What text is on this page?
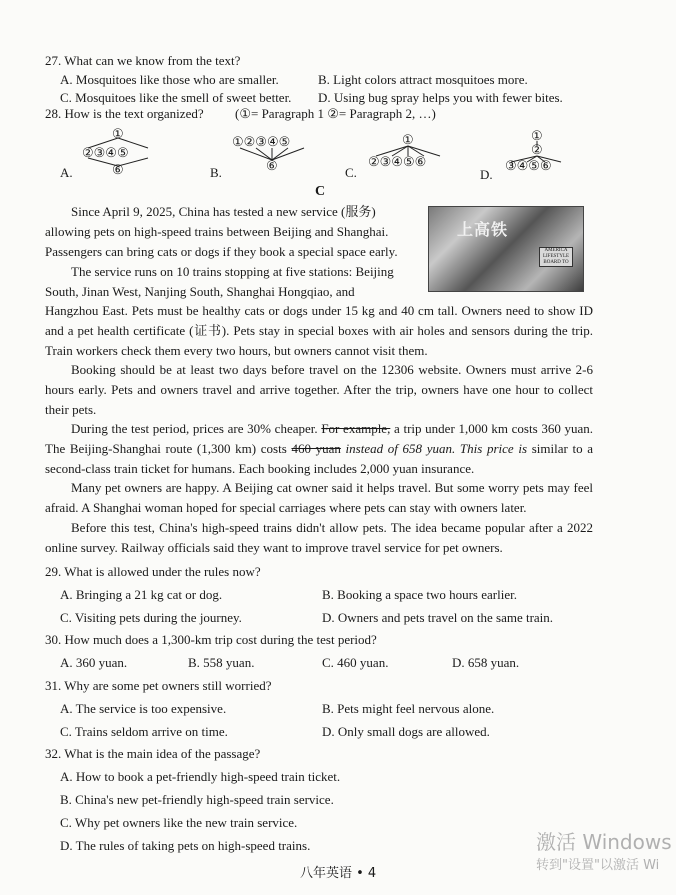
27. What can we know from the text?
A. Mosquitoes like those who are smaller.	B. Light colors attract mosquitoes more.
C. Mosquitoes like the smell of sweet better. D. Using bug spray helps you with fewer bites.
28. How is the text organized? (①= Paragraph 1 ②= Paragraph 2, …)
①
②③④⑤
⑥
A.
①②③④⑤
⑥
B.
①
②③④⑤⑥
C.
①
②
③④⑤⑥
D.
C
Since April 9, 2025, China has tested a new service (服务)
allowing pets on high-speed trains between Beijing and Shanghai.
Passengers can bring cats or dogs if they book a special space early.
The service runs on 10 trains stopping at five stations: Beijing
South, Jinan West, Nanjing South, Shanghai Hongqiao, and
上高铁
AMERICA LIFESTYLE BOARD TO
Hangzhou East. Pets must be healthy cats or dogs under 15 kg and 40 cm tall. Owners need to show ID and a pet health certificate (证书). Pets stay in special boxes with air holes and sensors during the trip. Train workers check them every two hours, but owners cannot visit them.
Booking should be at least two days before travel on the 12306 website. Owners must arrive 2-6 hours early. Pets and owners travel and arrive together. After the trip, owners have one hour to collect their pets.
During the test period, prices are 30% cheaper. For example, a trip under 1,000 km costs 360 yuan. The Beijing-Shanghai route (1,300 km) costs 460 yuan instead of 658 yuan. This price is similar to a second-class train ticket for humans. Each booking includes 2,000 yuan insurance.
Many pet owners are happy. A Beijing cat owner said it helps travel. But some worry pets may feel afraid. A Shanghai woman hoped for special carriages where pets can stay with owners later.
Before this test, China's high-speed trains didn't allow pets. The idea became popular after a 2022 online survey. Railway officials said they want to improve travel service for pet owners.
29. What is allowed under the rules now?
A. Bringing a 21 kg cat or dog.	B. Booking a space two hours earlier.
C. Visiting pets during the journey.	D. Owners and pets travel on the same train.
30. How much does a 1,300-km trip cost during the test period?
A. 360 yuan.	B. 558 yuan.	C. 460 yuan.	D. 658 yuan.
31. Why are some pet owners still worried?
A. The service is too expensive.	B. Pets might feel nervous alone.
C. Trains seldom arrive on time.	D. Only small dogs are allowed.
32. What is the main idea of the passage?
A. How to book a pet-friendly high-speed train ticket.
B. China's new pet-friendly high-speed train service.
C. Why pet owners like the new train service.
D. The rules of taking pets on high-speed trains.
八年英语 • 4
激活 Windows
转到"设置"以激活 Wi
